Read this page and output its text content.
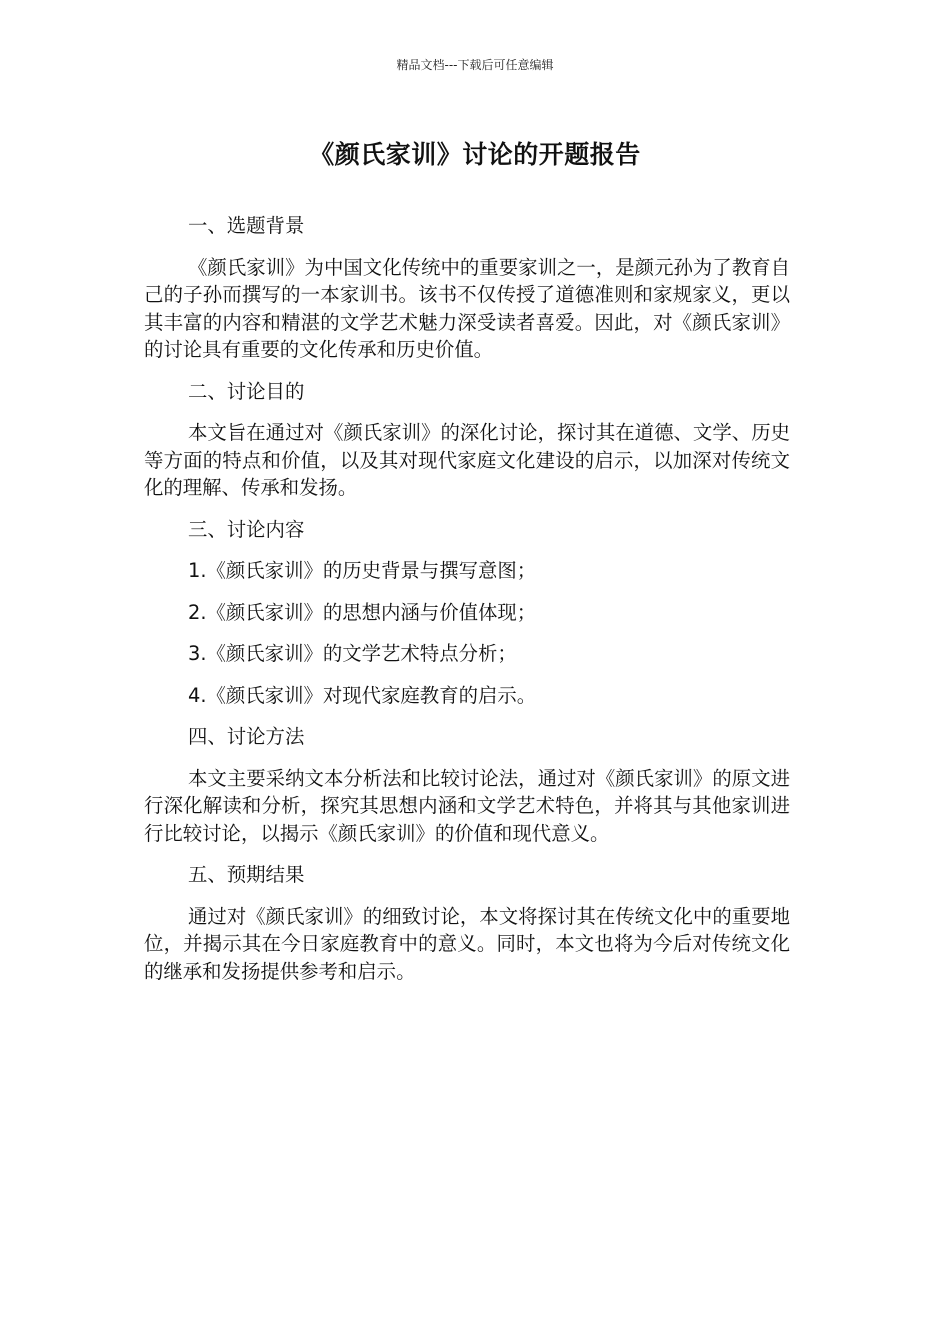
精品文档---下载后可任意编辑
《颜氏家训》讨论的开题报告

一、选题背景

《颜氏家训》为中国文化传统中的重要家训之一，是颜元孙为了教育自己的子孙而撰写的一本家训书。该书不仅传授了道德准则和家规家义，更以其丰富的内容和精湛的文学艺术魅力深受读者喜爱。因此，对《颜氏家训》的讨论具有重要的文化传承和历史价值。

二、讨论目的

本文旨在通过对《颜氏家训》的深化讨论，探讨其在道德、文学、历史等方面的特点和价值，以及其对现代家庭文化建设的启示，以加深对传统文化的理解、传承和发扬。

三、讨论内容

1.《颜氏家训》的历史背景与撰写意图；

2.《颜氏家训》的思想内涵与价值体现；

3.《颜氏家训》的文学艺术特点分析；

4.《颜氏家训》对现代家庭教育的启示。

四、讨论方法

本文主要采纳文本分析法和比较讨论法，通过对《颜氏家训》的原文进行深化解读和分析，探究其思想内涵和文学艺术特色，并将其与其他家训进行比较讨论，以揭示《颜氏家训》的价值和现代意义。

五、预期结果

通过对《颜氏家训》的细致讨论，本文将探讨其在传统文化中的重要地位，并揭示其在今日家庭教育中的意义。同时，本文也将为今后对传统文化的继承和发扬提供参考和启示。
